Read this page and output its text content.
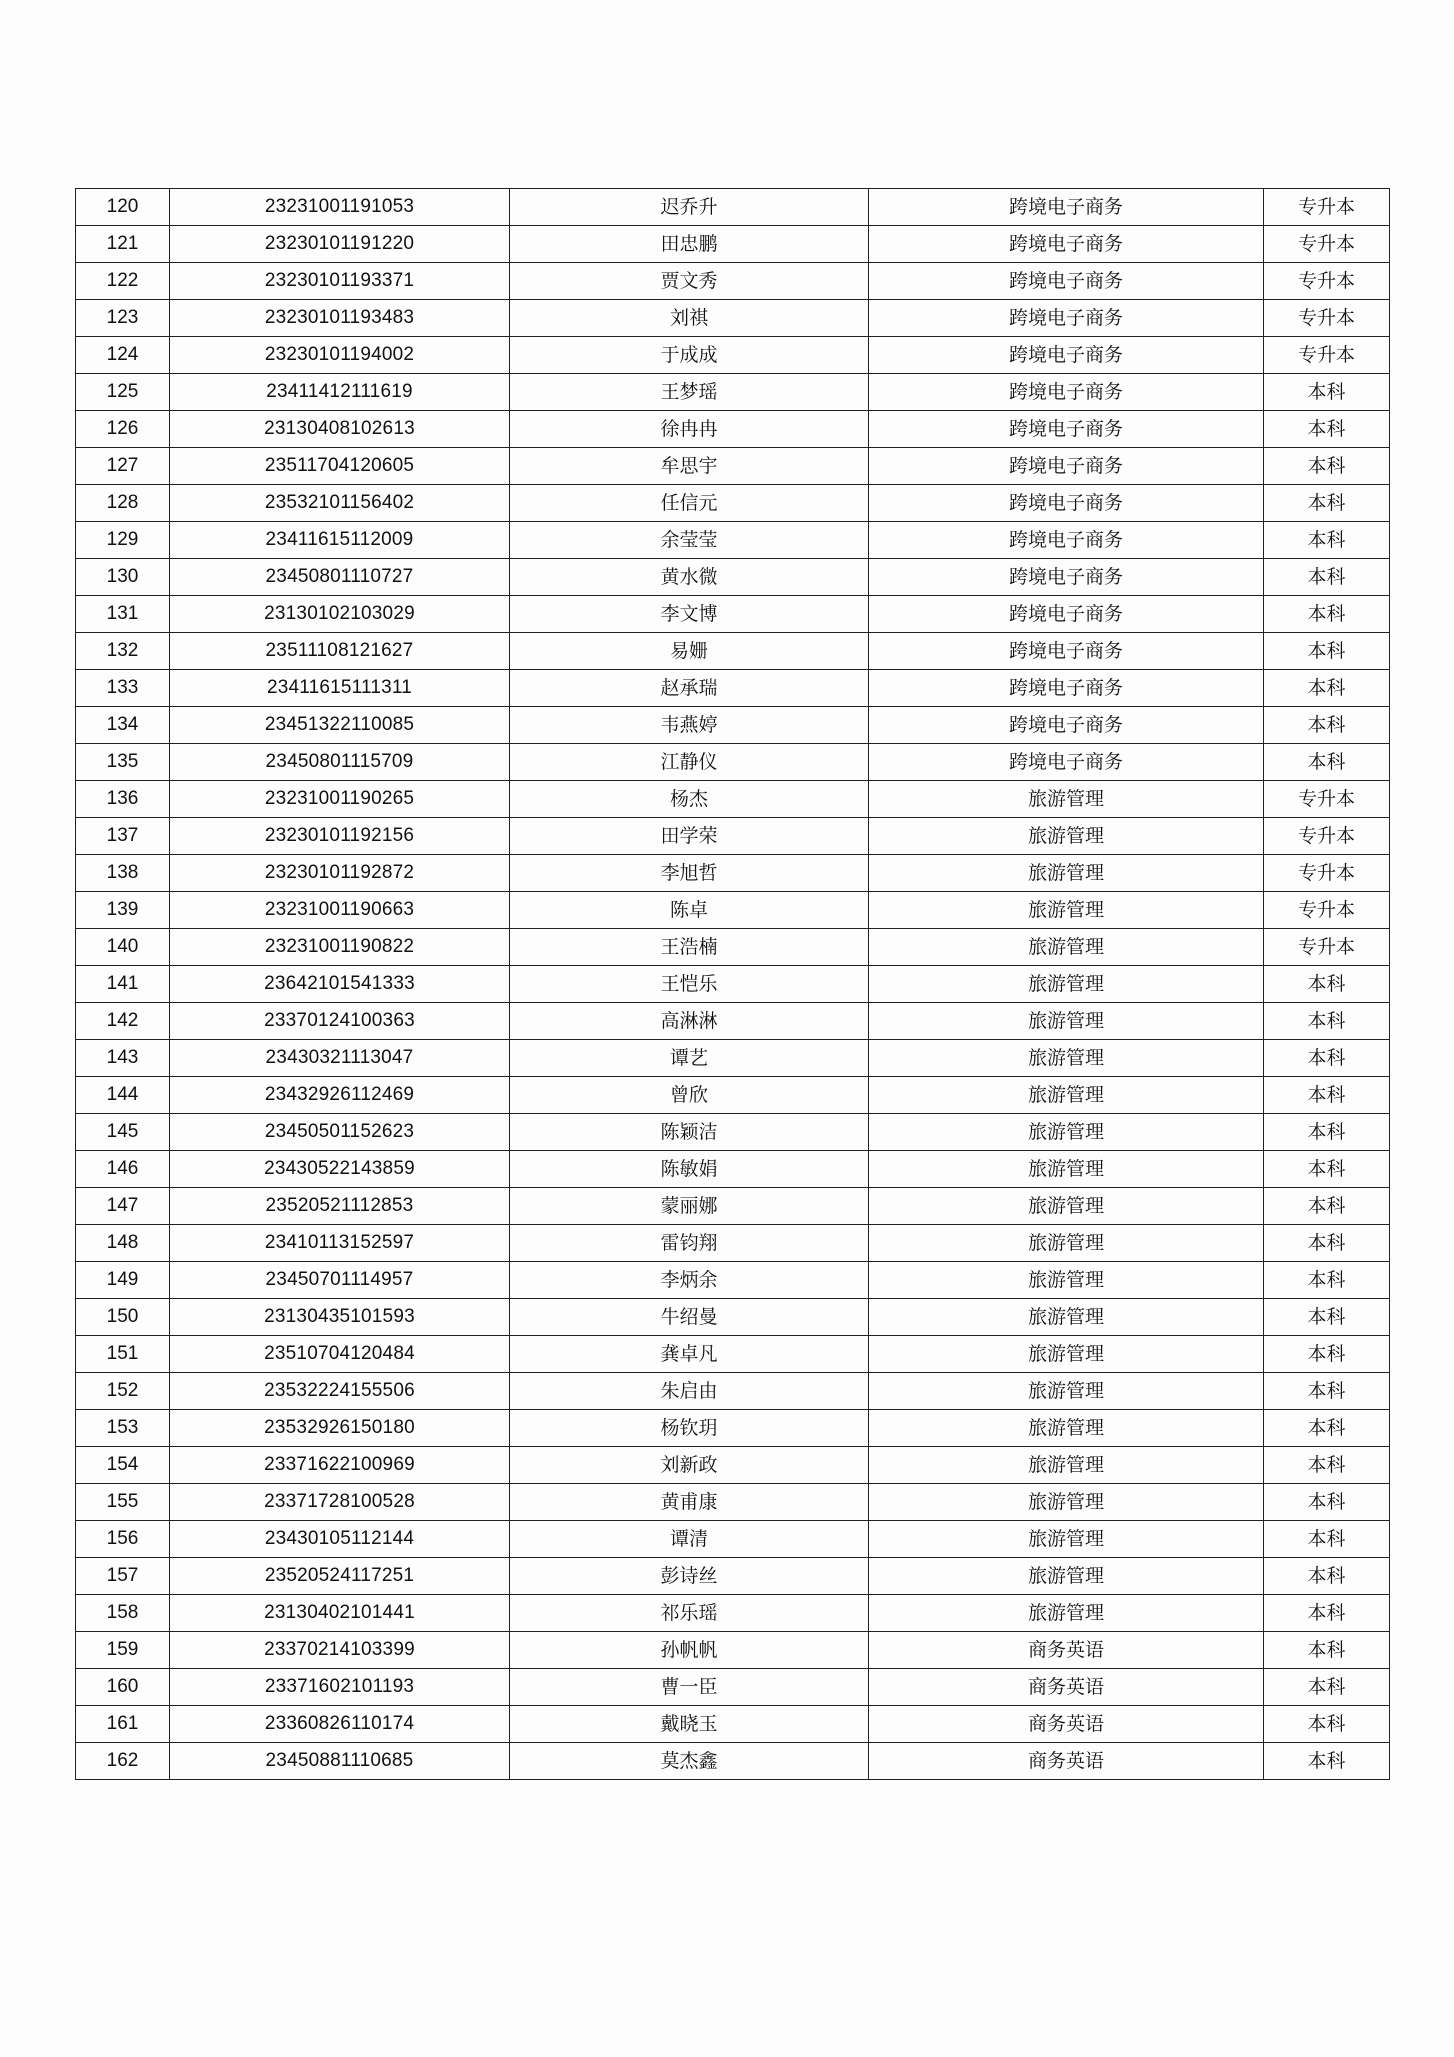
120	23231001191053	迟乔升	跨境电子商务	专升本
121	23230101191220	田忠鹏	跨境电子商务	专升本
122	23230101193371	贾文秀	跨境电子商务	专升本
123	23230101193483	刘祺	跨境电子商务	专升本
124	23230101194002	于成成	跨境电子商务	专升本
125	23411412111619	王梦瑶	跨境电子商务	本科
126	23130408102613	徐冉冉	跨境电子商务	本科
127	23511704120605	牟思宇	跨境电子商务	本科
128	23532101156402	任信元	跨境电子商务	本科
129	23411615112009	余莹莹	跨境电子商务	本科
130	23450801110727	黄水微	跨境电子商务	本科
131	23130102103029	李文博	跨境电子商务	本科
132	23511108121627	易姗	跨境电子商务	本科
133	23411615111311	赵承瑞	跨境电子商务	本科
134	23451322110085	韦燕婷	跨境电子商务	本科
135	23450801115709	江静仪	跨境电子商务	本科
136	23231001190265	杨杰	旅游管理	专升本
137	23230101192156	田学荣	旅游管理	专升本
138	23230101192872	李旭哲	旅游管理	专升本
139	23231001190663	陈卓	旅游管理	专升本
140	23231001190822	王浩楠	旅游管理	专升本
141	23642101541333	王恺乐	旅游管理	本科
142	23370124100363	高淋淋	旅游管理	本科
143	23430321113047	谭艺	旅游管理	本科
144	23432926112469	曾欣	旅游管理	本科
145	23450501152623	陈颖洁	旅游管理	本科
146	23430522143859	陈敏娟	旅游管理	本科
147	23520521112853	蒙丽娜	旅游管理	本科
148	23410113152597	雷钧翔	旅游管理	本科
149	23450701114957	李炳余	旅游管理	本科
150	23130435101593	牛绍曼	旅游管理	本科
151	23510704120484	龚卓凡	旅游管理	本科
152	23532224155506	朱启由	旅游管理	本科
153	23532926150180	杨钦玥	旅游管理	本科
154	23371622100969	刘新政	旅游管理	本科
155	23371728100528	黄甫康	旅游管理	本科
156	23430105112144	谭清	旅游管理	本科
157	23520524117251	彭诗丝	旅游管理	本科
158	23130402101441	祁乐瑶	旅游管理	本科
159	23370214103399	孙帆帆	商务英语	本科
160	23371602101193	曹一臣	商务英语	本科
161	23360826110174	戴晓玉	商务英语	本科
162	23450881110685	莫杰鑫	商务英语	本科
